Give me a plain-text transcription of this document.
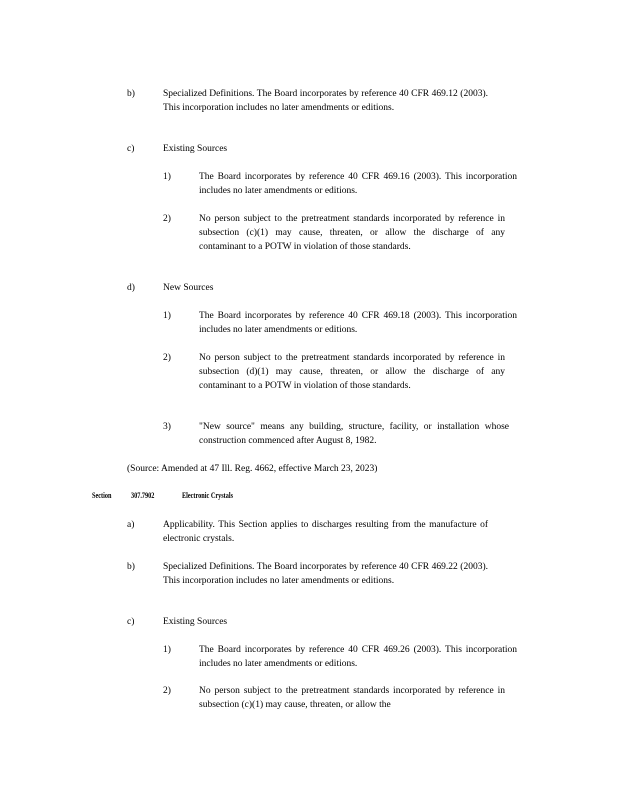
b)	Specialized Definitions. The Board incorporates by reference 40 CFR 469.12 (2003). This incorporation includes no later amendments or editions.
c)	Existing Sources
1)	The Board incorporates by reference 40 CFR 469.16 (2003). This incorporation includes no later amendments or editions.
2)	No person subject to the pretreatment standards incorporated by reference in subsection (c)(1) may cause, threaten, or allow the discharge of any contaminant to a POTW in violation of those standards.
d)	New Sources
1)	The Board incorporates by reference 40 CFR 469.18 (2003). This incorporation includes no later amendments or editions.
2)	No person subject to the pretreatment standards incorporated by reference in subsection (d)(1) may cause, threaten, or allow the discharge of any contaminant to a POTW in violation of those standards.
3)	"New source" means any building, structure, facility, or installation whose construction commenced after August 8, 1982.
(Source: Amended at 47 Ill. Reg. 4662, effective March 23, 2023)
Section 307.7902	Electronic Crystals
a)	Applicability. This Section applies to discharges resulting from the manufacture of electronic crystals.
b)	Specialized Definitions. The Board incorporates by reference 40 CFR 469.22 (2003). This incorporation includes no later amendments or editions.
c)	Existing Sources
1)	The Board incorporates by reference 40 CFR 469.26 (2003). This incorporation includes no later amendments or editions.
2)	No person subject to the pretreatment standards incorporated by reference in subsection (c)(1) may cause, threaten, or allow the
